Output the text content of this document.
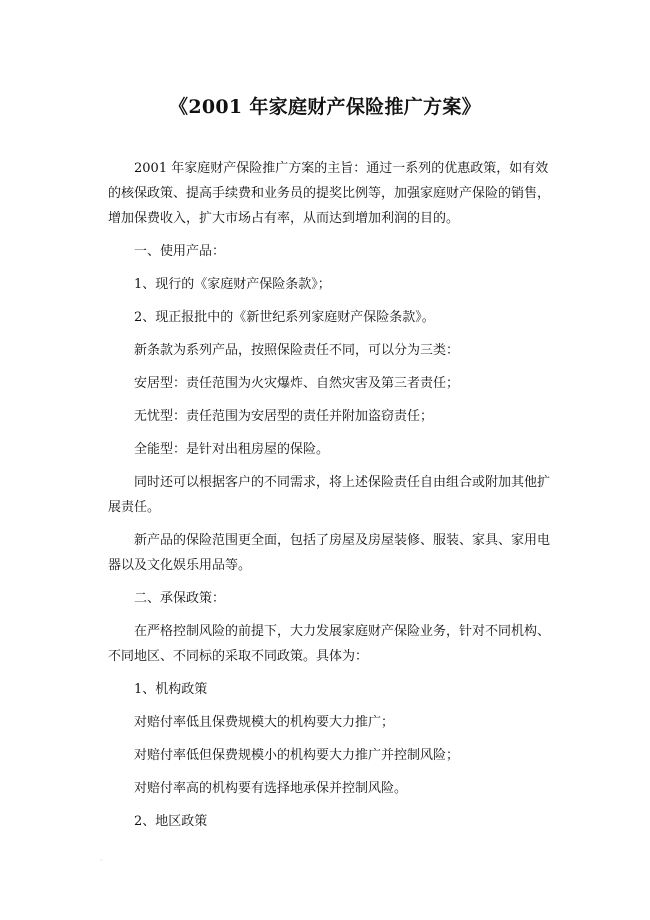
《2001 年家庭财产保险推广方案》

2001 年家庭财产保险推广方案的主旨：通过一系列的优惠政策，如有效的核保政策、提高手续费和业务员的提奖比例等，加强家庭财产保险的销售，增加保费收入，扩大市场占有率，从而达到增加利润的目的。

一、使用产品：

1、现行的《家庭财产保险条款》；

2、现正报批中的《新世纪系列家庭财产保险条款》。

新条款为系列产品，按照保险责任不同，可以分为三类：

安居型：责任范围为火灾爆炸、自然灾害及第三者责任；

无忧型：责任范围为安居型的责任并附加盗窃责任；

全能型：是针对出租房屋的保险。

同时还可以根据客户的不同需求，将上述保险责任自由组合或附加其他扩展责任。

新产品的保险范围更全面，包括了房屋及房屋装修、服装、家具、家用电器以及文化娱乐用品等。

二、承保政策：

在严格控制风险的前提下，大力发展家庭财产保险业务，针对不同机构、不同地区、不同标的采取不同政策。具体为：

1、机构政策

对赔付率低且保费规模大的机构要大力推广；

对赔付率低但保费规模小的机构要大力推广并控制风险；

对赔付率高的机构要有选择地承保并控制风险。

2、地区政策

·
